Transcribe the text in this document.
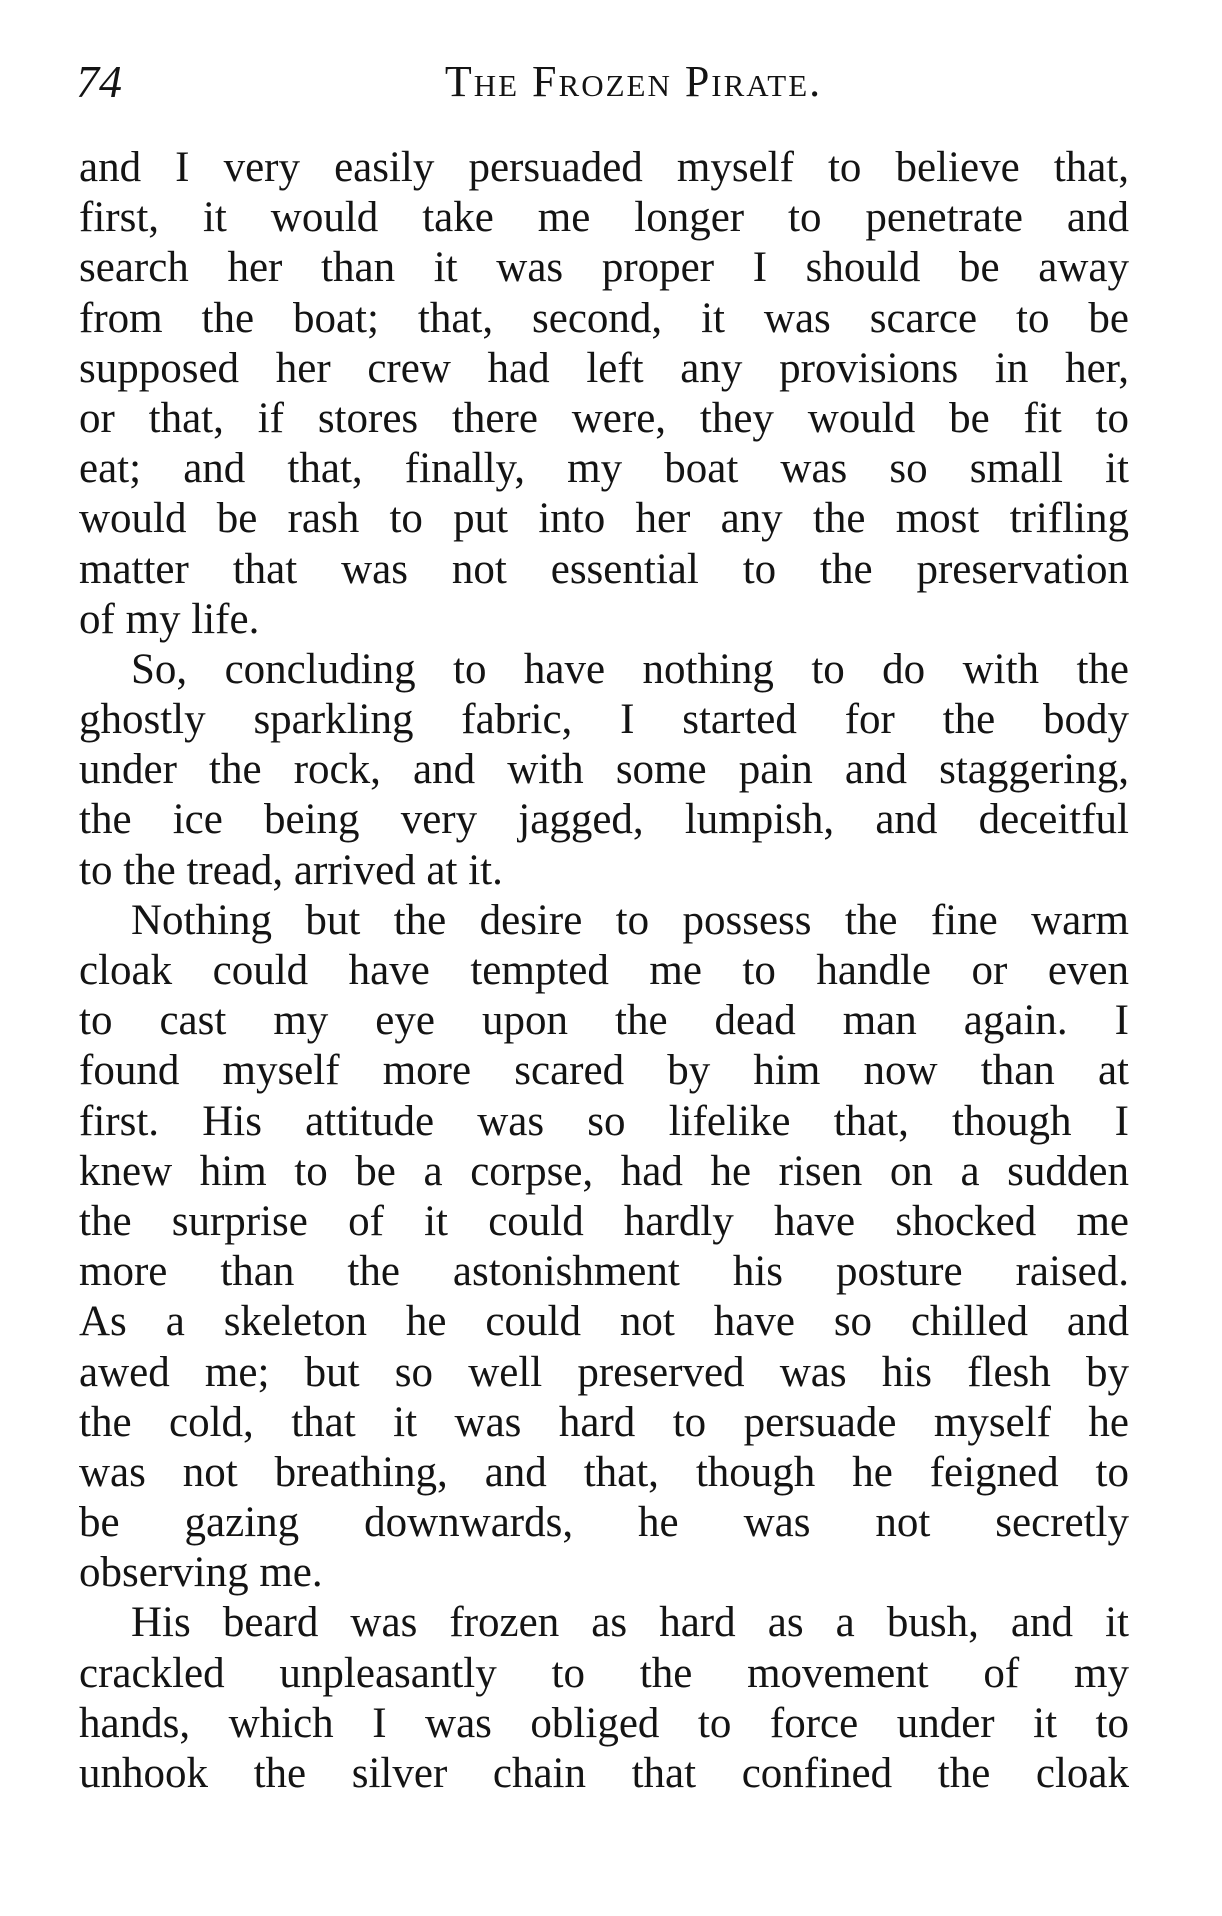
74	The Frozen Pirate.
and I very easily persuaded myself to believe that,
first, it would take me longer to penetrate and
search her than it was proper I should be away
from the boat; that, second, it was scarce to be
supposed her crew had left any provisions in her,
or that, if stores there were, they would be fit to
eat; and that, finally, my boat was so small it
would be rash to put into her any the most trifling
matter that was not essential to the preservation
of my life.
So, concluding to have nothing to do with the
ghostly sparkling fabric, I started for the body
under the rock, and with some pain and staggering,
the ice being very jagged, lumpish, and deceitful
to the tread, arrived at it.
Nothing but the desire to possess the fine warm
cloak could have tempted me to handle or even
to cast my eye upon the dead man again. I
found myself more scared by him now than at
first. His attitude was so lifelike that, though I
knew him to be a corpse, had he risen on a sudden
the surprise of it could hardly have shocked me
more than the astonishment his posture raised.
As a skeleton he could not have so chilled and
awed me; but so well preserved was his flesh by
the cold, that it was hard to persuade myself he
was not breathing, and that, though he feigned to
be gazing downwards, he was not secretly
observing me.
His beard was frozen as hard as a bush, and it
crackled unpleasantly to the movement of my
hands, which I was obliged to force under it to
unhook the silver chain that confined the cloak
